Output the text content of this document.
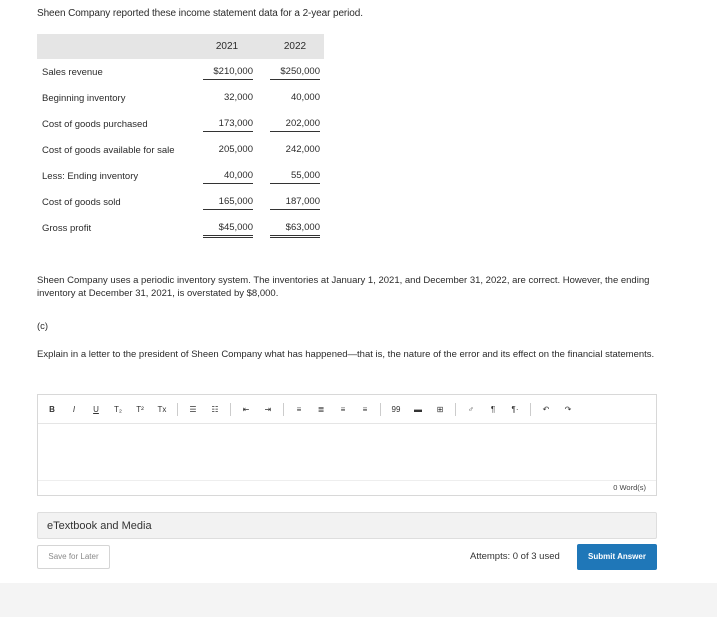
Sheen Company reported these income statement data for a 2-year period.
2021	2022
Sales revenue	$210,000	$250,000
Beginning inventory	32,000	40,000
Cost of goods purchased	173,000	202,000
Cost of goods available for sale	205,000	242,000
Less: Ending inventory	40,000	55,000
Cost of goods sold	165,000	187,000
Gross profit	$45,000	$63,000
Sheen Company uses a periodic inventory system. The inventories at January 1, 2021, and December 31, 2022, are correct. However, the ending inventory at December 31, 2021, is overstated by $8,000.
(c)
Explain in a letter to the president of Sheen Company what has happened—that is, the nature of the error and its effect on the financial statements.
B	I	U	T₂	T²	Tx	☰	☷	⇤	⇥	≡	≣	≡	≡	99	▬	⊞	♂	¶	¶·	↶	↷
0 Word(s)
eTextbook and Media
Save for Later	Attempts: 0 of 3 used	Submit Answer
